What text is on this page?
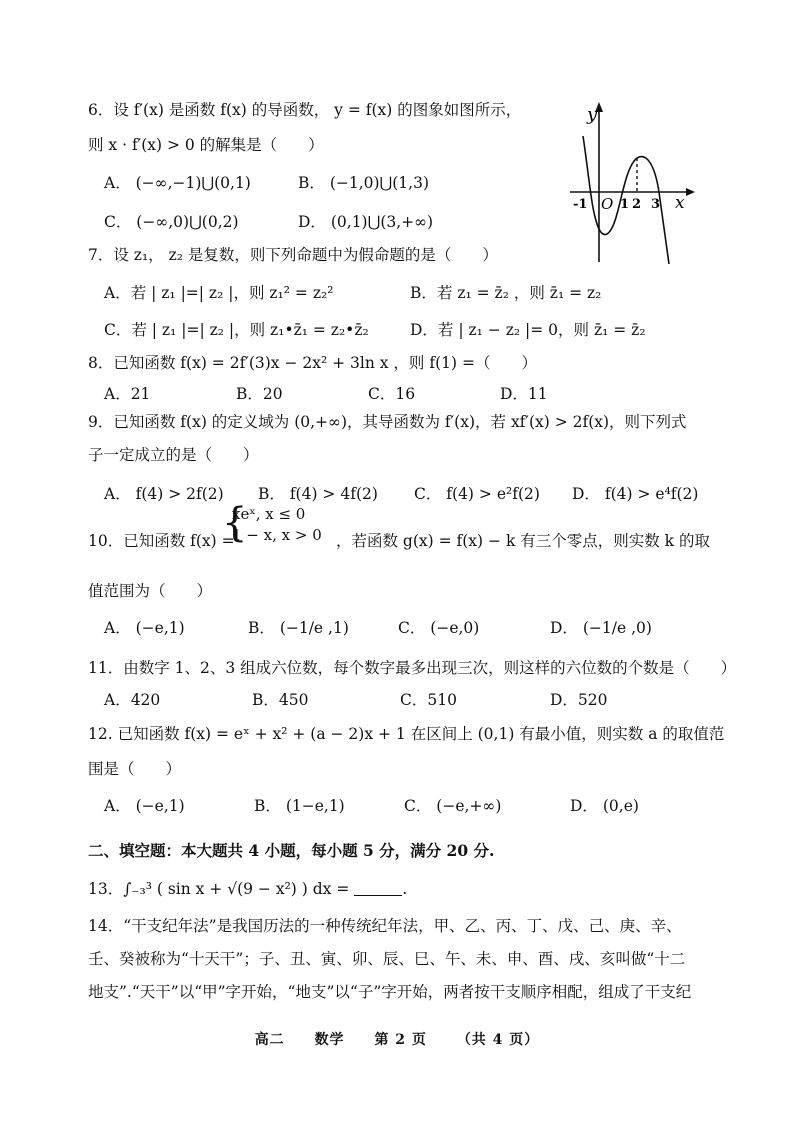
6．设 f′(x) 是函数 f(x) 的导函数， y = f(x) 的图象如图所示，
则 x · f′(x) > 0 的解集是（　　）
A． (−∞,−1)⋃(0,1)	B． (−1,0)⋃(1,3)
C． (−∞,0)⋃(0,2)	D． (0,1)⋃(3,+∞)
y
x
-1 O 1 2 3
7．设 z₁， z₂ 是复数，则下列命题中为假命题的是（　　）
A．若 | z₁ |=| z₂ |，则 z₁² = z₂²	B．若 z₁ = z̄₂ ，则 z̄₁ = z₂
C．若 | z₁ |=| z₂ |，则 z₁•z̄₁ = z₂•z̄₂	D．若 | z₁ − z₂ |= 0，则 z̄₁ = z̄₂
8．已知函数 f(x) = 2f′(3)x − 2x² + 3ln x ，则 f(1) =（　　）
A．21	B．20	C．16	D．11
9．已知函数 f(x) 的定义域为 (0,+∞)，其导函数为 f′(x)，若 xf′(x) > 2f(x)，则下列式
子一定成立的是（　　）
A． f(4) > 2f(2) B． f(4) > 4f(2) C． f(4) > e²f(2) D． f(4) > e⁴f(2)
10．已知函数 f(x) =
{
xeˣ, x ≤ 0
1 − x, x > 0 ，若函数 g(x) = f(x) − k 有三个零点，则实数 k 的取
值范围为（　　）
A． (−e,1)	B． (−1/e ,1)	C． (−e,0)	D． (−1/e ,0)
11．由数字 1、2、3 组成六位数，每个数字最多出现三次，则这样的六位数的个数是（　　）
A．420	B．450	C．510	D．520
12. 已知函数 f(x) = eˣ + x² + (a − 2)x + 1 在区间上 (0,1) 有最小值，则实数 a 的取值范
围是（　　）
A． (−e,1)	B． (1−e,1)	C． (−e,+∞)	D． (0,e)
二、填空题：本大题共 4 小题，每小题 5 分，满分 20 分.
13．∫₋₃³ ( sin x + √(9 − x²) ) dx =	.
14．“干支纪年法”是我国历法的一种传统纪年法，甲、乙、丙、丁、戊、己、庚、辛、
壬、癸被称为“十天干”；子、丑、寅、卯、辰、巳、午、未、申、酉、戌、亥叫做“十二
地支”.“天干”以“甲”字开始，“地支”以“子”字开始，两者按干支顺序相配，组成了干支纪
高二 数学 第 2 页 （共 4 页）
